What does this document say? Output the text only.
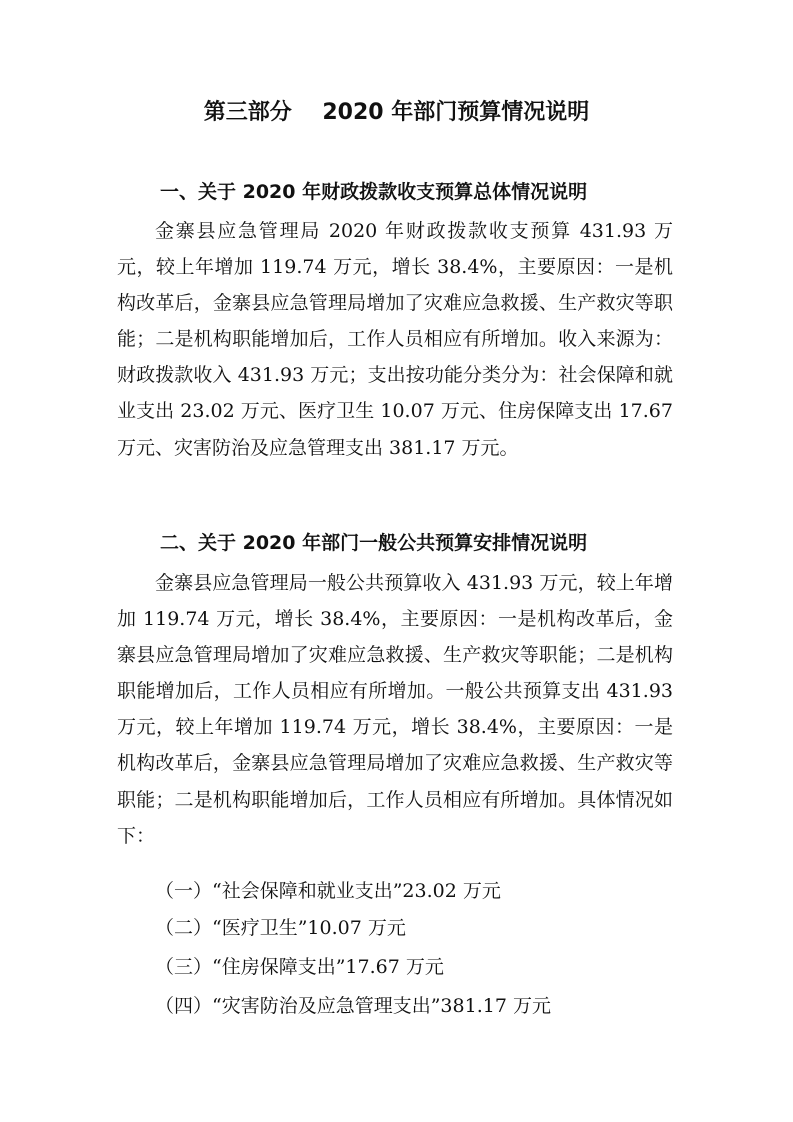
第三部分    2020 年部门预算情况说明
一、关于 2020 年财政拨款收支预算总体情况说明
金寨县应急管理局 2020 年财政拨款收支预算 431.93 万元，较上年增加 119.74 万元，增长 38.4%，主要原因：一是机构改革后，金寨县应急管理局增加了灾难应急救援、生产救灾等职能；二是机构职能增加后，工作人员相应有所增加。收入来源为：财政拨款收入 431.93 万元；支出按功能分类分为：社会保障和就业支出 23.02 万元、医疗卫生 10.07 万元、住房保障支出 17.67 万元、灾害防治及应急管理支出 381.17 万元。
二、关于 2020 年部门一般公共预算安排情况说明
金寨县应急管理局一般公共预算收入 431.93 万元，较上年增加 119.74 万元，增长 38.4%，主要原因：一是机构改革后，金寨县应急管理局增加了灾难应急救援、生产救灾等职能；二是机构职能增加后，工作人员相应有所增加。一般公共预算支出 431.93 万元，较上年增加 119.74 万元，增长 38.4%，主要原因：一是机构改革后，金寨县应急管理局增加了灾难应急救援、生产救灾等职能；二是机构职能增加后，工作人员相应有所增加。具体情况如下：
（一）“社会保障和就业支出”23.02 万元
（二）“医疗卫生”10.07 万元
（三）“住房保障支出”17.67 万元
（四）“灾害防治及应急管理支出”381.17 万元
